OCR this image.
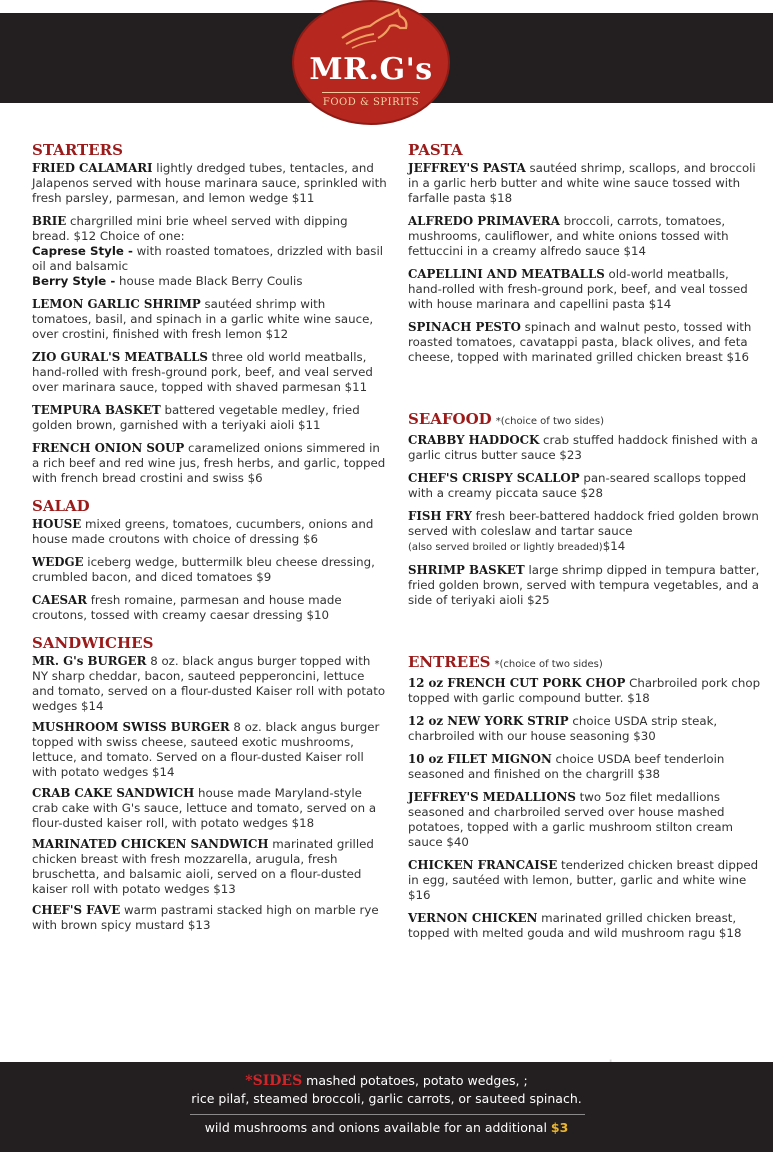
MR.G's
FOOD & SPIRITS
STARTERS
FRIED CALAMARI lightly dredged tubes, tentacles, and Jalapenos served with house marinara sauce, sprinkled with fresh parsley, parmesan, and lemon wedge $11
BRIE chargrilled mini brie wheel served with dipping bread. $12 Choice of one:
Caprese Style - with roasted tomatoes, drizzled with basil oil and balsamic
Berry Style - house made Black Berry Coulis
LEMON GARLIC SHRIMP sautéed shrimp with tomatoes, basil, and spinach in a garlic white wine sauce, over crostini, finished with fresh lemon $12
ZIO GURAL'S MEATBALLS three old world meatballs, hand-rolled with fresh-ground pork, beef, and veal served over marinara sauce, topped with shaved parmesan $11
TEMPURA BASKET battered vegetable medley, fried golden brown, garnished with a teriyaki aioli $11
FRENCH ONION SOUP caramelized onions simmered in a rich beef and red wine jus, fresh herbs, and garlic, topped with french bread crostini and swiss $6
SALAD
HOUSE mixed greens, tomatoes, cucumbers, onions and house made croutons with choice of dressing $6
WEDGE iceberg wedge, buttermilk bleu cheese dressing, crumbled bacon, and diced tomatoes $9
CAESAR fresh romaine, parmesan and house made croutons, tossed with creamy caesar dressing $10
SANDWICHES
MR. G's BURGER 8 oz. black angus burger topped with NY sharp cheddar, bacon, sauteed pepperoncini, lettuce and tomato, served on a flour-dusted Kaiser roll with potato wedges $14
MUSHROOM SWISS BURGER 8 oz. black angus burger topped with swiss cheese, sauteed exotic mushrooms, lettuce, and tomato. Served on a flour-dusted Kaiser roll with potato wedges $14
CRAB CAKE SANDWICH house made Maryland-style crab cake with G's sauce, lettuce and tomato, served on a flour-dusted kaiser roll, with potato wedges $18
MARINATED CHICKEN SANDWICH marinated grilled chicken breast with fresh mozzarella, arugula, fresh bruschetta, and balsamic aioli, served on a flour-dusted kaiser roll with potato wedges $13
CHEF'S FAVE warm pastrami stacked high on marble rye with brown spicy mustard $13
PASTA
JEFFREY'S PASTA sautéed shrimp, scallops, and broccoli in a garlic herb butter and white wine sauce tossed with farfalle pasta $18
ALFREDO PRIMAVERA broccoli, carrots, tomatoes, mushrooms, cauliflower, and white onions tossed with fettuccini in a creamy alfredo sauce $14
CAPELLINI AND MEATBALLS old-world meatballs, hand-rolled with fresh-ground pork, beef, and veal tossed with house marinara and capellini pasta $14
SPINACH PESTO spinach and walnut pesto, tossed with roasted tomatoes, cavatappi pasta, black olives, and feta cheese, topped with marinated grilled chicken breast $16
SEAFOOD *(choice of two sides)
CRABBY HADDOCK crab stuffed haddock finished with a garlic citrus butter sauce $23
CHEF'S CRISPY SCALLOP pan-seared scallops topped with a creamy piccata sauce $28
FISH FRY fresh beer-battered haddock fried golden brown served with coleslaw and tartar sauce
(also served broiled or lightly breaded)$14
SHRIMP BASKET large shrimp dipped in tempura batter, fried golden brown, served with tempura vegetables, and a side of teriyaki aioli $25
ENTREES *(choice of two sides)
12 oz FRENCH CUT PORK CHOP Charbroiled pork chop topped with garlic compound butter. $18
12 oz NEW YORK STRIP choice USDA strip steak, charbroiled with our house seasoning $30
10 oz FILET MIGNON choice USDA beef tenderloin seasoned and finished on the chargrill $38
JEFFREY'S MEDALLIONS two 5oz filet medallions seasoned and charbroiled served over house mashed potatoes, topped with a garlic mushroom stilton cream sauce $40
CHICKEN FRANCAISE tenderized chicken breast dipped in egg, sautéed with lemon, butter, garlic and white wine $16
VERNON CHICKEN marinated grilled chicken breast, topped with melted gouda and wild mushroom ragu $18
*SIDES mashed potatoes, potato wedges, ;
rice pilaf, steamed broccoli, garlic carrots, or sauteed spinach.
wild mushrooms and onions available for an additional $3
